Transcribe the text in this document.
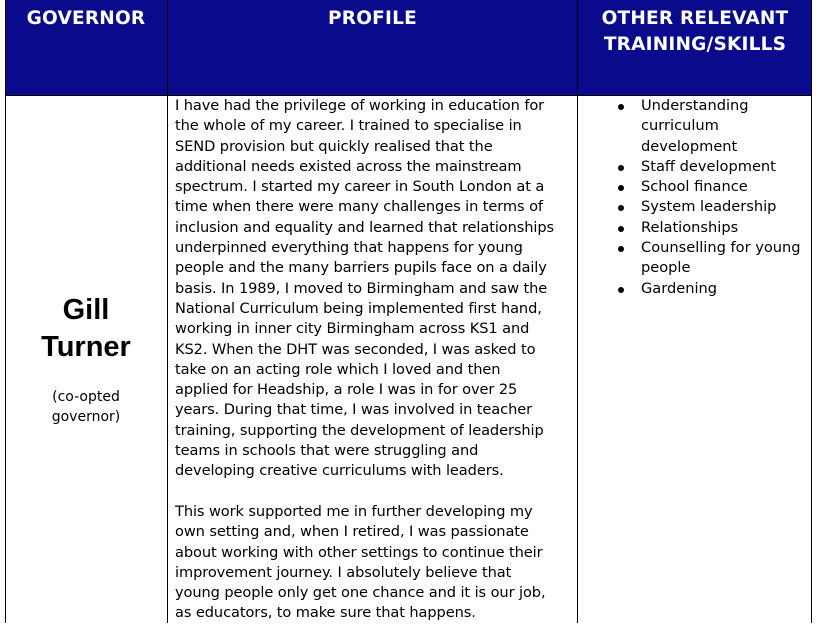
GOVERNOR	PROFILE	OTHER RELEVANT
TRAINING/SKILLS
Gill
Turner
(co-opted
governor)

I have had the privilege of working in education for
the whole of my career. I trained to specialise in
SEND provision but quickly realised that the
additional needs existed across the mainstream
spectrum. I started my career in South London at a
time when there were many challenges in terms of
inclusion and equality and learned that relationships
underpinned everything that happens for young
people and the many barriers pupils face on a daily
basis. In 1989, I moved to Birmingham and saw the
National Curriculum being implemented first hand,
working in inner city Birmingham across KS1 and
KS2. When the DHT was seconded, I was asked to
take on an acting role which I loved and then
applied for Headship, a role I was in for over 25
years. During that time, I was involved in teacher
training, supporting the development of leadership
teams in schools that were struggling and
developing creative curriculums with leaders.

This work supported me in further developing my
own setting and, when I retired, I was passionate
about working with other settings to continue their
improvement journey. I absolutely believe that
young people only get one chance and it is our job,
as educators, to make sure that happens.

Understanding
curriculum
development
Staff development
School finance
System leadership
Relationships
Counselling for young
people
Gardening
